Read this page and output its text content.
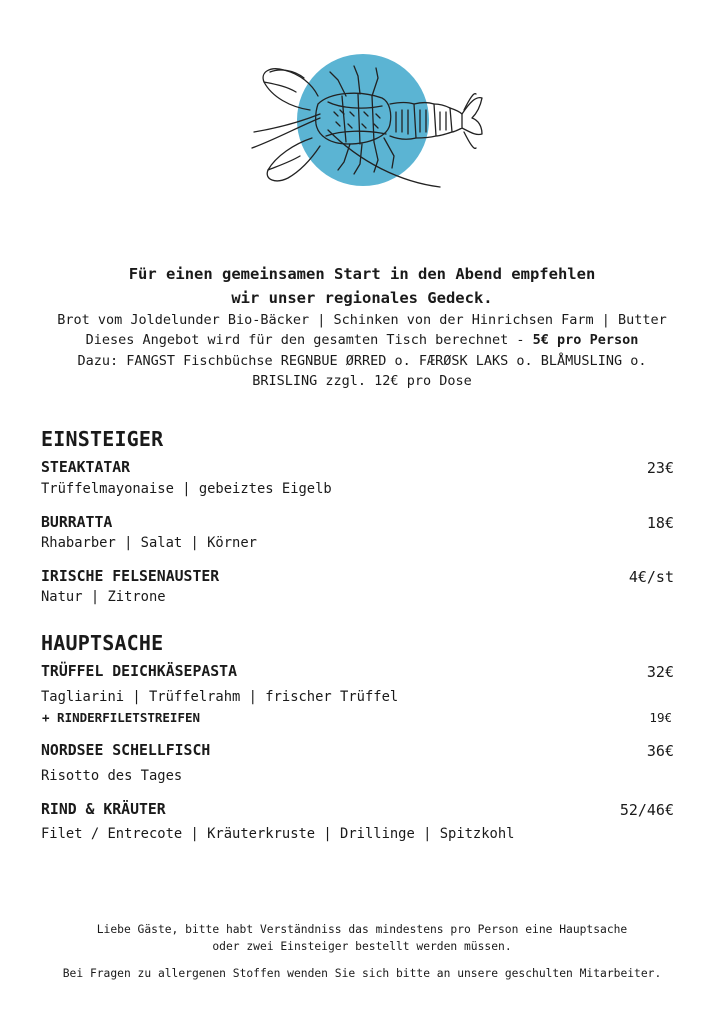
Für einen gemeinsamen Start in den Abend empfehlen

wir unser regionales Gedeck.

Brot vom Joldelunder Bio-Bäcker | Schinken von der Hinrichsen Farm | Butter

Dieses Angebot wird für den gesamten Tisch berechnet - 5€ pro Person

Dazu: FANGST Fischbüchse REGNBUE ØRRED o. FÆRØSK LAKS o. BLÅMUSLING o.

BRISLING zzgl. 12€ pro Dose

EINSTEIGER
STEAKTATAR	23€
Trüffelmayonaise | gebeiztes Eigelb
BURRATTA	18€
Rhabarber | Salat | Körner
IRISCHE FELSENAUSTER	4€/st
Natur | Zitrone
HAUPTSACHE
TRÜFFEL DEICHKÄSEPASTA	32€
Tagliarini | Trüffelrahm | frischer Trüffel
+ RINDERFILETSTREIFEN	19€
NORDSEE SCHELLFISCH	36€
Risotto des Tages
RIND & KRÄUTER	52/46€
Filet / Entrecote | Kräuterkruste | Drillinge | Spitzkohl

Liebe Gäste, bitte habt Verständniss das mindestens pro Person eine Hauptsache

oder zwei Einsteiger bestellt werden müssen.

Bei Fragen zu allergenen Stoffen wenden Sie sich bitte an unsere geschulten Mitarbeiter.
